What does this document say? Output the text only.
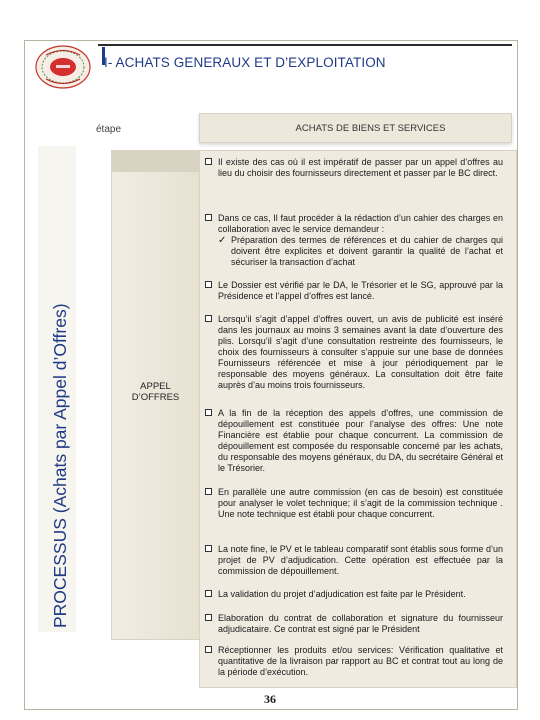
I- ACHATS GENERAUX ET D’EXPLOITATION
PROCESSUS (Achats par Appel d’Offres)
étape	ACHATS DE BIENS ET SERVICES
APPEL
D’OFFRES
Il existe des cas où il est impératif de passer par un appel d’offres au lieu du choisir des fournisseurs directement et passer par le BC direct.
Dans ce cas, Il faut procéder à la rédaction d’un cahier des charges en collaboration avec le service demandeur :
✓ Préparation des termes de références et du cahier de charges qui doivent être explicites et doivent garantir la qualité de l’achat et sécuriser la transaction d’achat
Le Dossier est vérifié par le DA, le Trésorier et le SG, approuvé par la Présidence et l’appel d’offres est lancé.
Lorsqu’il s’agit d’appel d’offres ouvert, un avis de publicité est inséré dans les journaux au moins 3 semaines avant la date d’ouverture des plis. Lorsqu’il s’agit d’une consultation restreinte des fournisseurs, le choix des fournisseurs à consulter s’appuie sur une base de données Fournisseurs référencée et mise à jour périodiquement par le responsable des moyens généraux. La consultation doit être faite auprès d’au moins trois fournisseurs.
A la fin de la réception des appels d’offres, une commission de dépouillement est constituée pour l’analyse des offres: Une note Financière est établie pour chaque concurrent. La commission de dépouillement est composée du responsable concerné par les achats, du responsable des moyens généraux, du DA, du secrétaire Général et le Trésorier.
En parallèle une autre commission (en cas de besoin) est constituée pour analyser le volet technique; il s’agit de la commission technique . Une note technique est établi pour chaque concurrent.
La note fine, le PV et le tableau comparatif sont établis sous forme d’un projet de PV d’adjudication. Cette opération est effectuée par la commission de dépouillement.
La validation du projet d’adjudication est faite par le Président.
Elaboration du contrat de collaboration et signature du fournisseur adjudicataire. Ce contrat est signé par le Président
Réceptionner les produits et/ou services: Vérification qualitative et quantitative de la livraison par rapport au BC et contrat tout au long de la période d’exécution.
36
